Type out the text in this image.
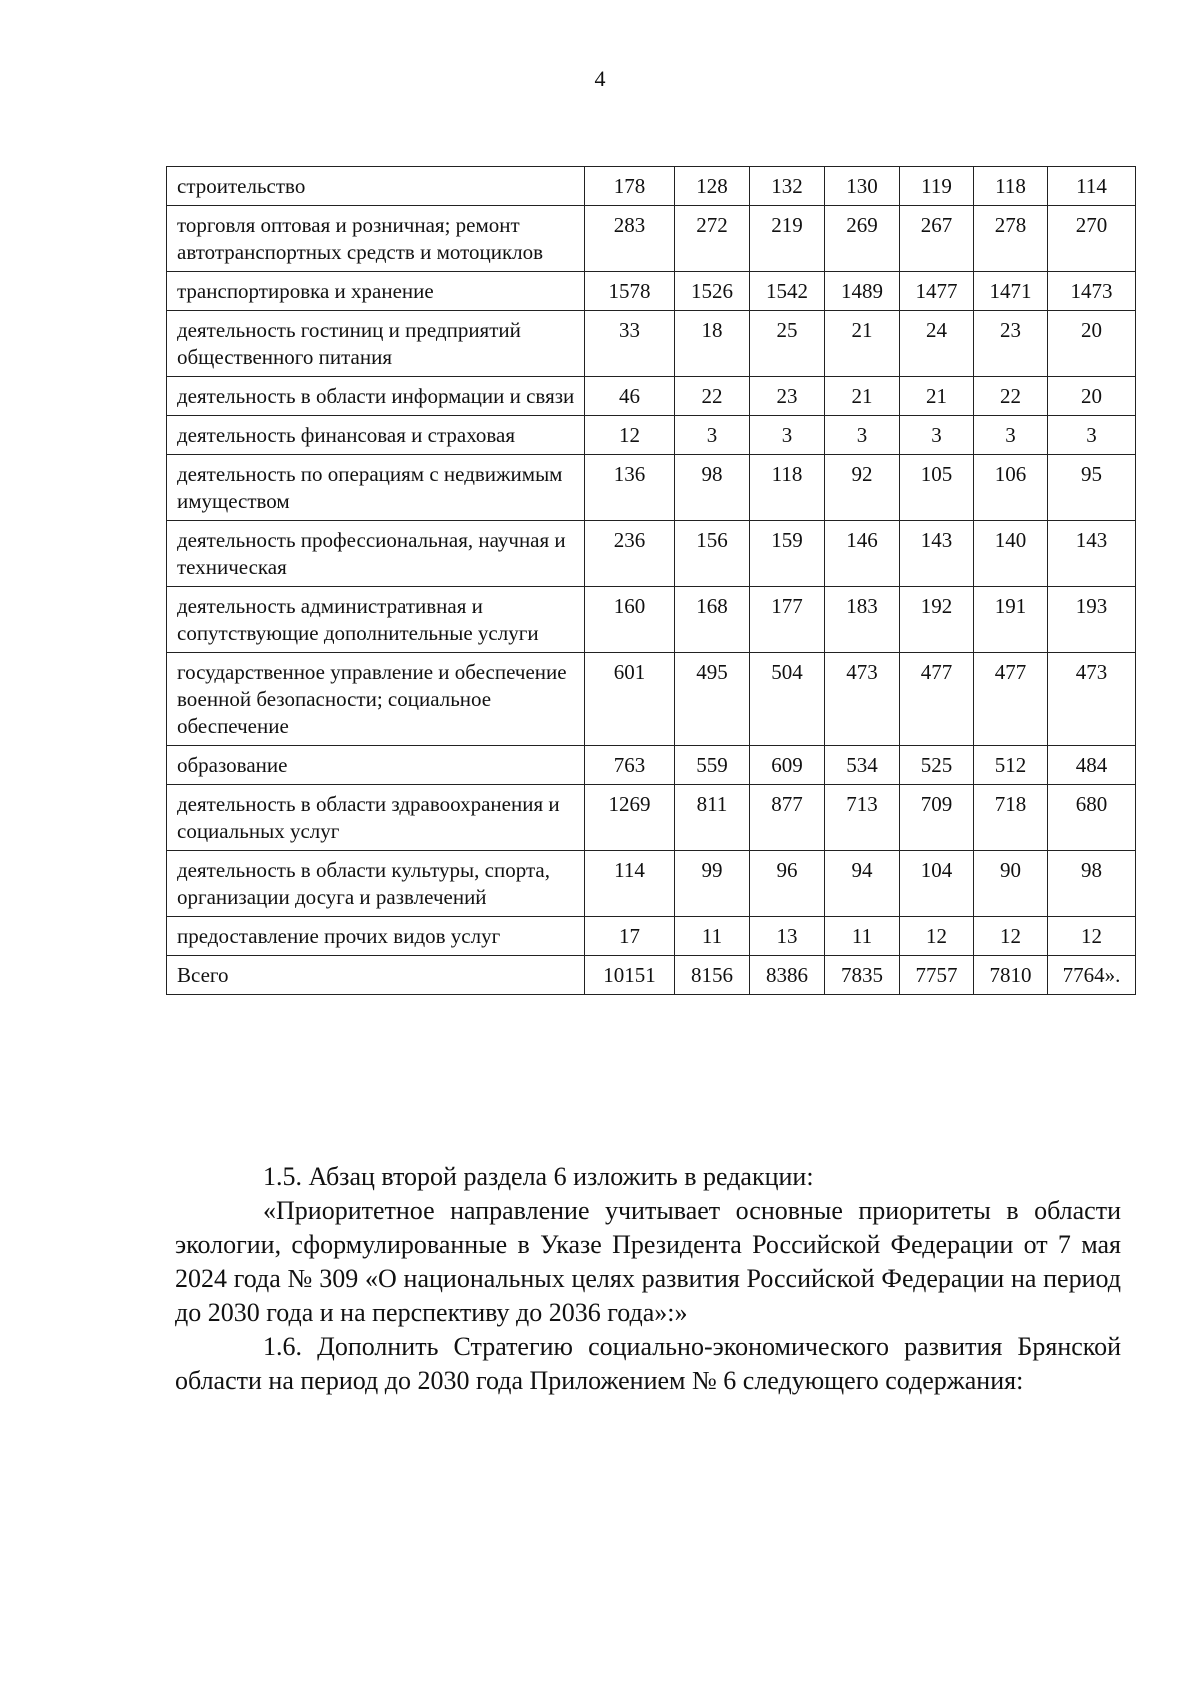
4
строительство	178	128	132	130	119	118	114
торговля оптовая и розничная; ремонт автотранспортных средств и мотоциклов	283	272	219	269	267	278	270
транспортировка и хранение	1578	1526	1542	1489	1477	1471	1473
деятельность гостиниц и предприятий общественного питания	33	18	25	21	24	23	20
деятельность в области информации и связи	46	22	23	21	21	22	20
деятельность финансовая и страховая	12	3	3	3	3	3	3
деятельность по операциям с недвижимым имуществом	136	98	118	92	105	106	95
деятельность профессиональная, научная и техническая	236	156	159	146	143	140	143
деятельность административная и сопутствующие дополнительные услуги	160	168	177	183	192	191	193
государственное управление и обеспечение военной безопасности; социальное обеспечение	601	495	504	473	477	477	473
образование	763	559	609	534	525	512	484
деятельность в области здравоохранения и социальных услуг	1269	811	877	713	709	718	680
деятельность в области культуры, спорта, организации досуга и развлечений	114	99	96	94	104	90	98
предоставление прочих видов услуг	17	11	13	11	12	12	12
Всего	10151	8156	8386	7835	7757	7810	7764».

1.5. Абзац второй раздела 6 изложить в редакции:

«Приоритетное направление учитывает основные приоритеты в области экологии, сформулированные в Указе Президента Российской Федерации от 7 мая 2024 года № 309 «О национальных целях развития Российской Федерации на период до 2030 года и на перспективу до 2036 года»:»

1.6. Дополнить Стратегию социально-экономического развития Брянской области на период до 2030 года Приложением № 6 следующего содержания:
